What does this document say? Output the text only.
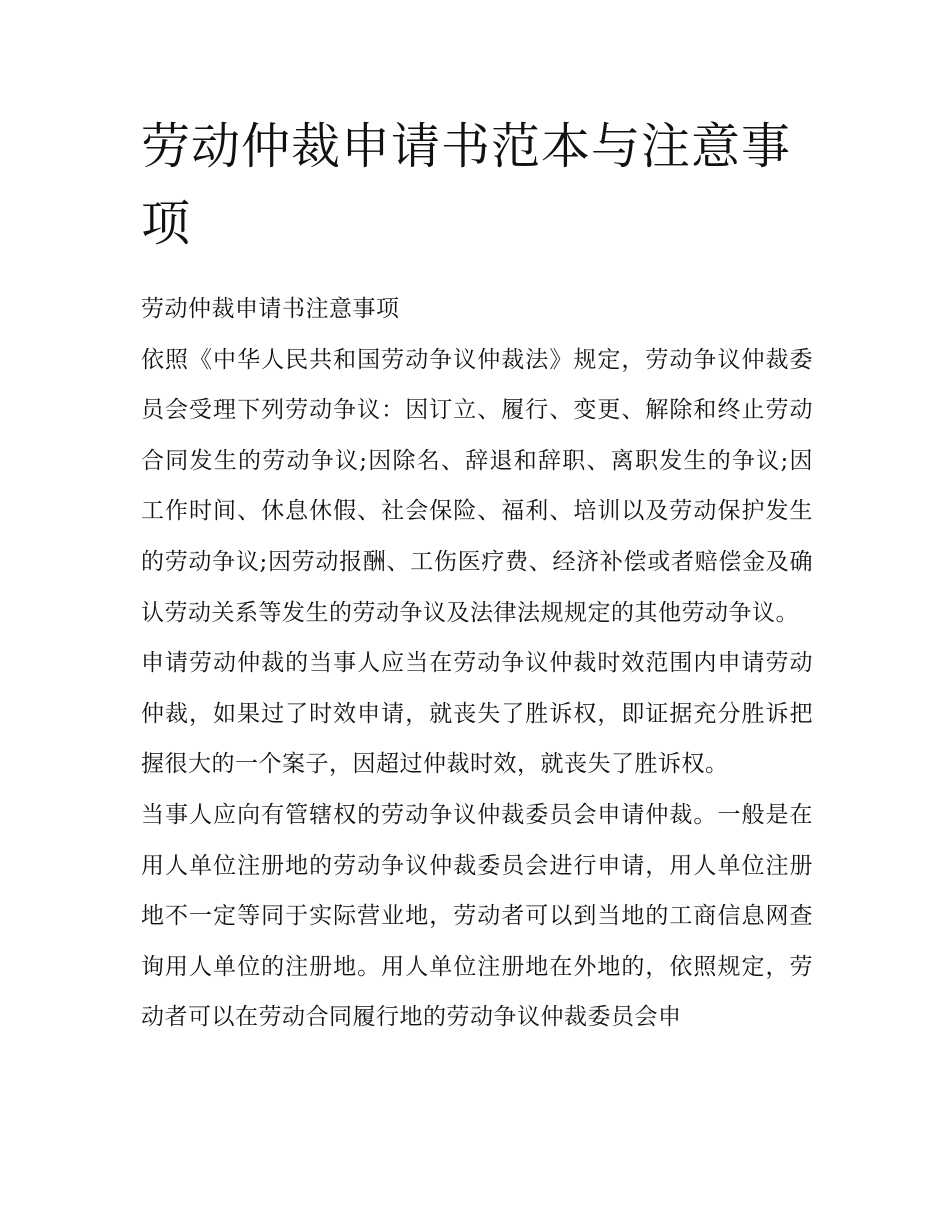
劳动仲裁申请书范本与注意事项
劳动仲裁申请书注意事项

依照《中华人民共和国劳动争议仲裁法》规定，劳动争议仲裁委员会受理下列劳动争议：因订立、履行、变更、解除和终止劳动合同发生的劳动争议;因除名、辞退和辞职、离职发生的争议;因工作时间、休息休假、社会保险、福利、培训以及劳动保护发生的劳动争议;因劳动报酬、工伤医疗费、经济补偿或者赔偿金及确认劳动关系等发生的劳动争议及法律法规规定的其他劳动争议。

申请劳动仲裁的当事人应当在劳动争议仲裁时效范围内申请劳动仲裁，如果过了时效申请，就丧失了胜诉权，即证据充分胜诉把握很大的一个案子，因超过仲裁时效，就丧失了胜诉权。

当事人应向有管辖权的劳动争议仲裁委员会申请仲裁。一般是在用人单位注册地的劳动争议仲裁委员会进行申请，用人单位注册地不一定等同于实际营业地，劳动者可以到当地的工商信息网查询用人单位的注册地。用人单位注册地在外地的，依照规定，劳动者可以在劳动合同履行地的劳动争议仲裁委员会申
